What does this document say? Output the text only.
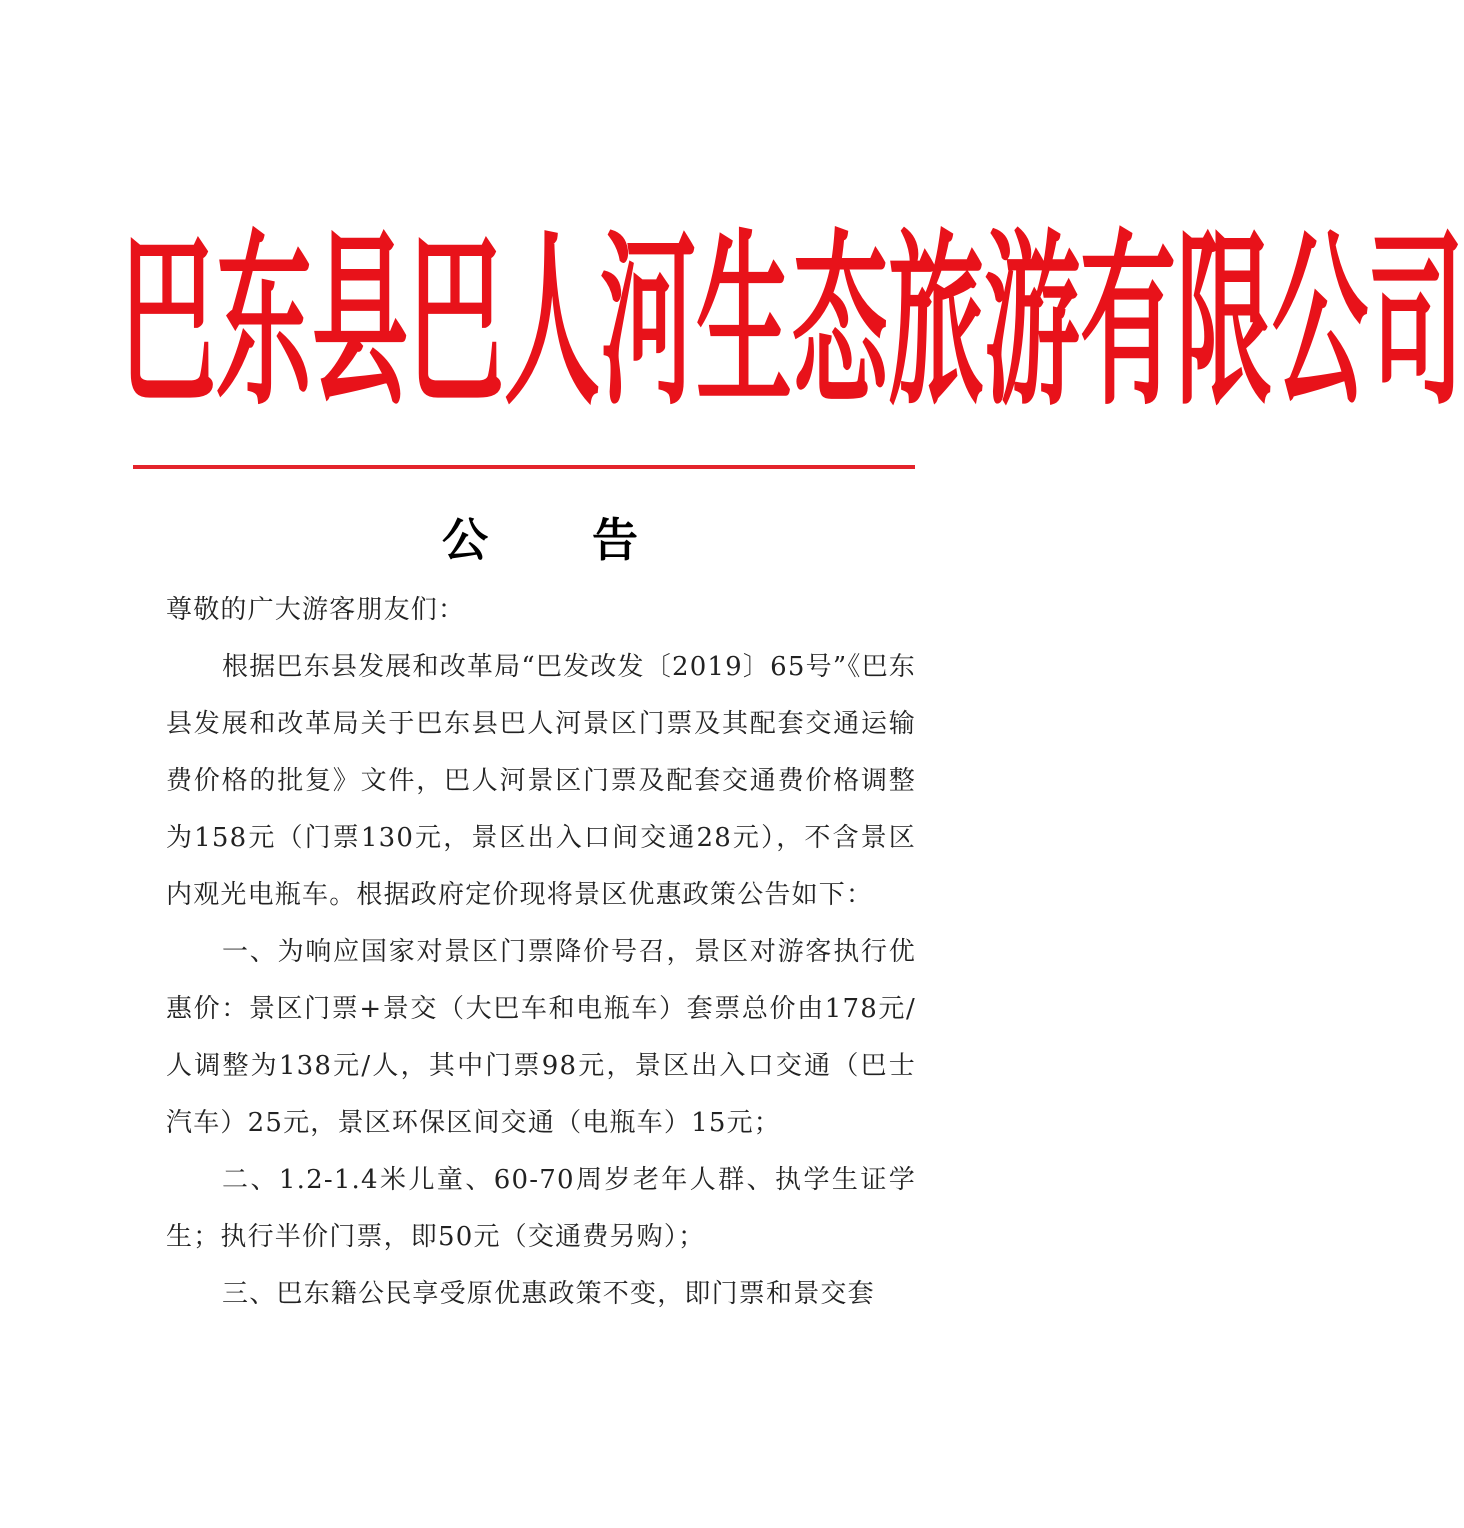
巴 东 县 巴 人 河 生 态 旅 游 有 限 公 司
公 告

尊敬的广大游客朋友们：

根据巴东县发展和改革局“巴发改发〔2019〕65号”《巴东县发展和改革局关于巴东县巴人河景区门票及其配套交通运输费价格的批复》文件，巴人河景区门票及配套交通费价格调整为158元（门票130元，景区出入口间交通28元），不含景区内观光电瓶车。根据政府定价现将景区优惠政策公告如下：

一、为响应国家对景区门票降价号召，景区对游客执行优惠价：景区门票+景交（大巴车和电瓶车）套票总价由178元/人调整为138元/人，其中门票98元，景区出入口交通（巴士汽车）25元，景区环保区间交通（电瓶车）15元；

二、1.2-1.4米儿童、60-70周岁老年人群、执学生证学生；执行半价门票，即50元（交通费另购）；

三、巴东籍公民享受原优惠政策不变，即门票和景交套
